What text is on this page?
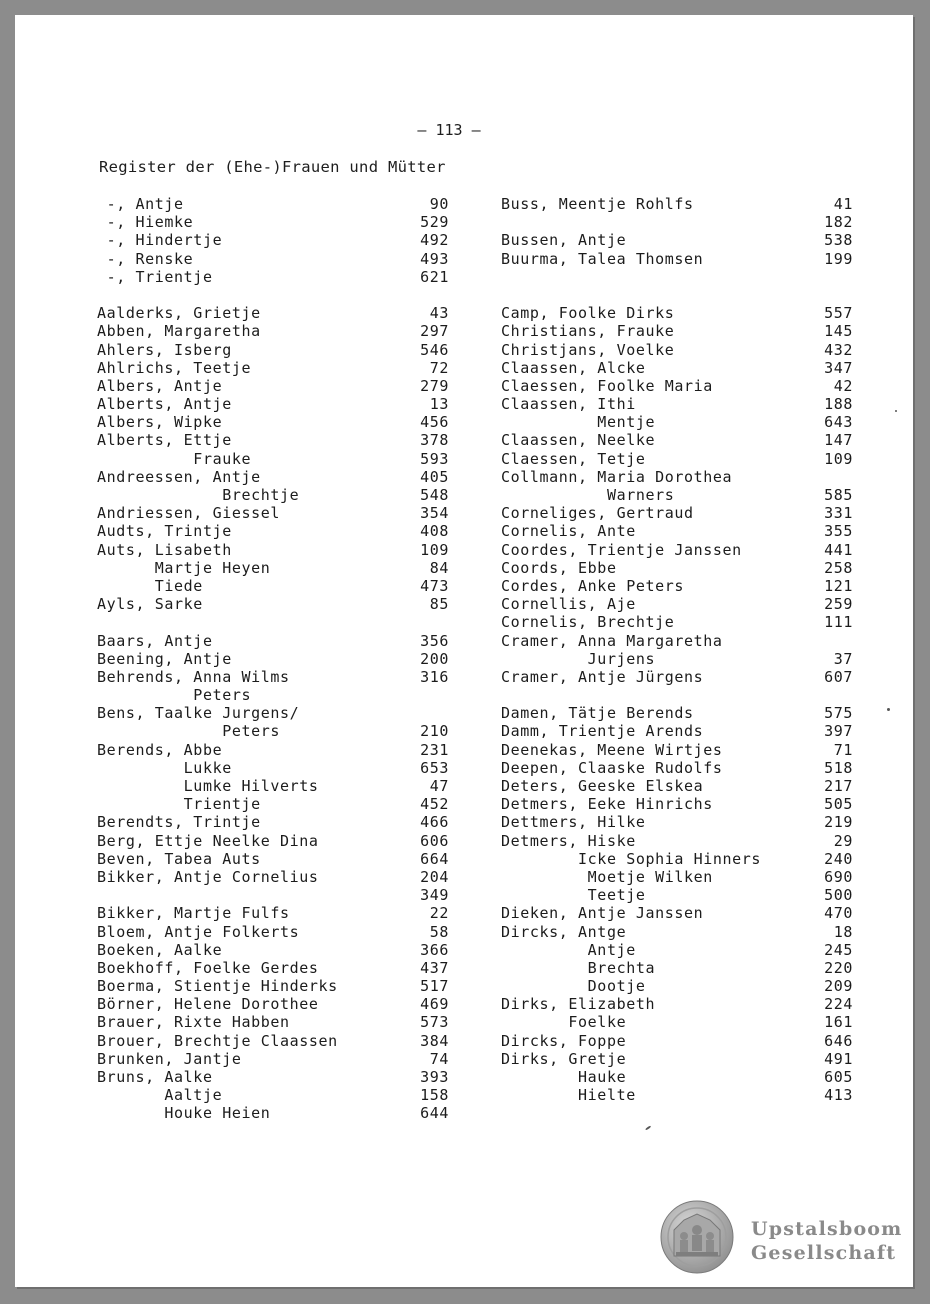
– 113 –
Register der (Ehe-)Frauen und Mütter
-, Antje	90
-, Hiemke	529
-, Hindertje	492
-, Renske	493
-, Trientje	621
Aalderks, Grietje	43
Abben, Margaretha	297
Ahlers, Isberg	546
Ahlrichs, Teetje	72
Albers, Antje	279
Alberts, Antje	13
Albers, Wipke	456
Alberts, Ettje	378
Frauke	593
Andreessen, Antje	405
Brechtje	548
Andriessen, Giessel	354
Audts, Trintje	408
Auts, Lisabeth	109
Martje Heyen	84
Tiede	473
Ayls, Sarke	85
Baars, Antje	356
Beening, Antje	200
Behrends, Anna Wilms	316
Peters
Bens, Taalke Jurgens/
Peters	210
Berends, Abbe	231
Lukke	653
Lumke Hilverts	47
Trientje	452
Berendts, Trintje	466
Berg, Ettje Neelke Dina	606
Beven, Tabea Auts	664
Bikker, Antje Cornelius	204
349
Bikker, Martje Fulfs	22
Bloem, Antje Folkerts	58
Boeken, Aalke	366
Boekhoff, Foelke Gerdes	437
Boerma, Stientje Hinderks	517
Börner, Helene Dorothee	469
Brauer, Rixte Habben	573
Brouer, Brechtje Claassen	384
Brunken, Jantje	74
Bruns, Aalke	393
Aaltje	158
Houke Heien	644
Buss, Meentje Rohlfs	41
182
Bussen, Antje	538
Buurma, Talea Thomsen	199
Camp, Foolke Dirks	557
Christians, Frauke	145
Christjans, Voelke	432
Claassen, Alcke	347
Claessen, Foolke Maria	42
Claassen, Ithi	188
Mentje	643
Claassen, Neelke	147
Claessen, Tetje	109
Collmann, Maria Dorothea
Warners	585
Corneliges, Gertraud	331
Cornelis, Ante	355
Coordes, Trientje Janssen	441
Coords, Ebbe	258
Cordes, Anke Peters	121
Cornellis, Aje	259
Cornelis, Brechtje	111
Cramer, Anna Margaretha
Jurjens	37
Cramer, Antje Jürgens	607
Damen, Tätje Berends	575
Damm, Trientje Arends	397
Deenekas, Meene Wirtjes	71
Deepen, Claaske Rudolfs	518
Deters, Geeske Elskea	217
Detmers, Eeke Hinrichs	505
Dettmers, Hilke	219
Detmers, Hiske	29
Icke Sophia Hinners	240
Moetje Wilken	690
Teetje	500
Dieken, Antje Janssen	470
Dircks, Antge	18
Antje	245
Brechta	220
Dootje	209
Dirks, Elizabeth	224
Foelke	161
Dircks, Foppe	646
Dirks, Gretje	491
Hauke	605
Hielte	413
Upstalsboom
Gesellschaft
